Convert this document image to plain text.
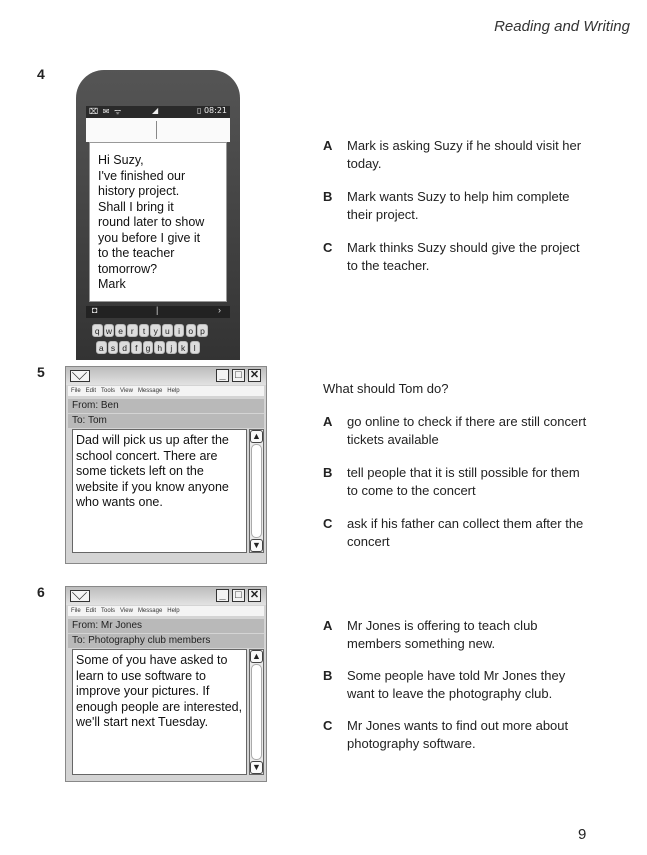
Reading and Writing
4
⌧ ✉ ᯤ	◢	▯ 08:21
Hi Suzy,
I've finished our
history project.
Shall I bring it
round later to show
you before I give it
to the teacher
tomorrow?
Mark
◘	|	›
q w e r t y u i o p
a s d f g h j k l
A Mark is asking Suzy if he should visit her today.
B Mark wants Suzy to help him complete their project.
C Mark thinks Suzy should give the project to the teacher.
5	_ □ ✕
File Edit Tools View Message Help
From: Ben
To: Tom
Dad will pick us up after the school concert. There are some tickets left on the website if you know anyone who wants one.
▲
▼
What should Tom do?
A go online to check if there are still concert tickets available
B tell people that it is still possible for them to come to the concert
C ask if his father can collect them after the concert
6	_ □ ✕
File Edit Tools View Message Help
From: Mr Jones
To: Photography club members
Some of you have asked to learn to use software to improve your pictures. If enough people are interested, we'll start next Tuesday.
▲
▼
A Mr Jones is offering to teach club members something new.
B Some people have told Mr Jones they want to leave the photography club.
C Mr Jones wants to find out more about photography software.
9
